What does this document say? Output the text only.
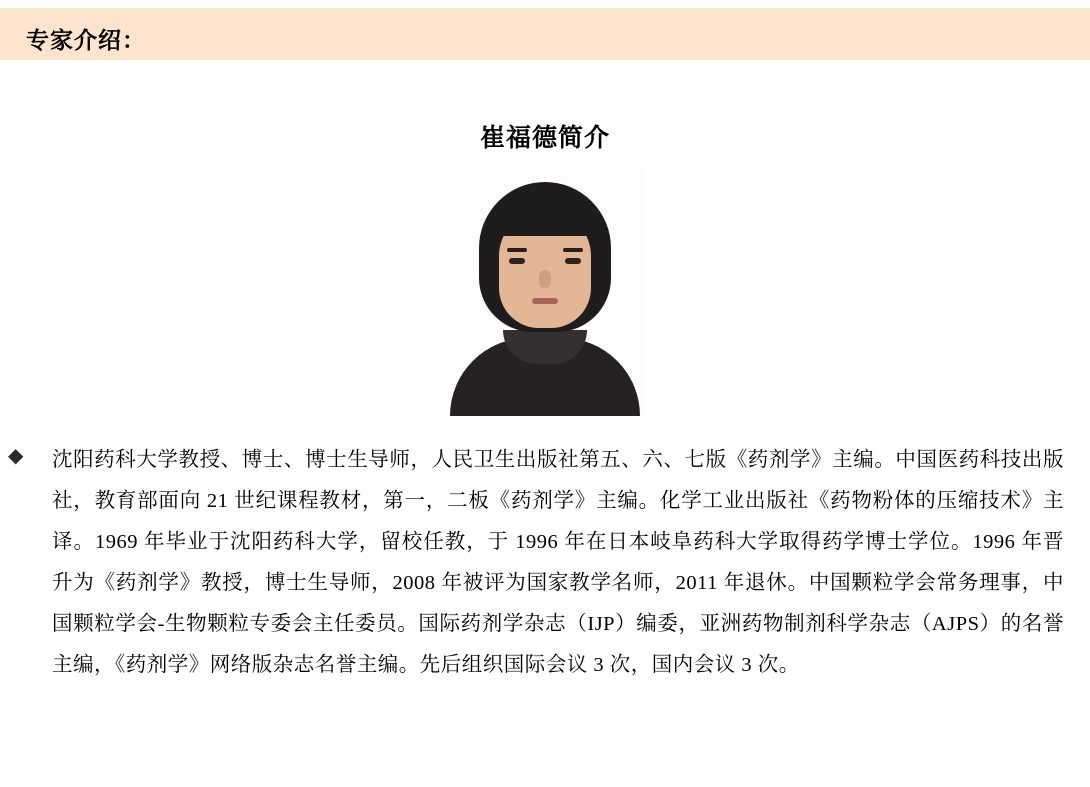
专家介绍：
崔福德简介
◆ 沈阳药科大学教授、博士、博士生导师，人民卫生出版社第五、六、七版《药剂学》主编。中国医药科技出版社，教育部面向 21 世纪课程教材，第一，二板《药剂学》主编。化学工业出版社《药物粉体的压缩技术》主译。1969 年毕业于沈阳药科大学，留校任教，于 1996 年在日本岐阜药科大学取得药学博士学位。1996 年晋升为《药剂学》教授，博士生导师，2008 年被评为国家教学名师，2011 年退休。中国颗粒学会常务理事，中国颗粒学会-生物颗粒专委会主任委员。国际药剂学杂志（IJP）编委，亚洲药物制剂科学杂志（AJPS）的名誉主编，《药剂学》网络版杂志名誉主编。先后组织国际会议 3 次，国内会议 3 次。
